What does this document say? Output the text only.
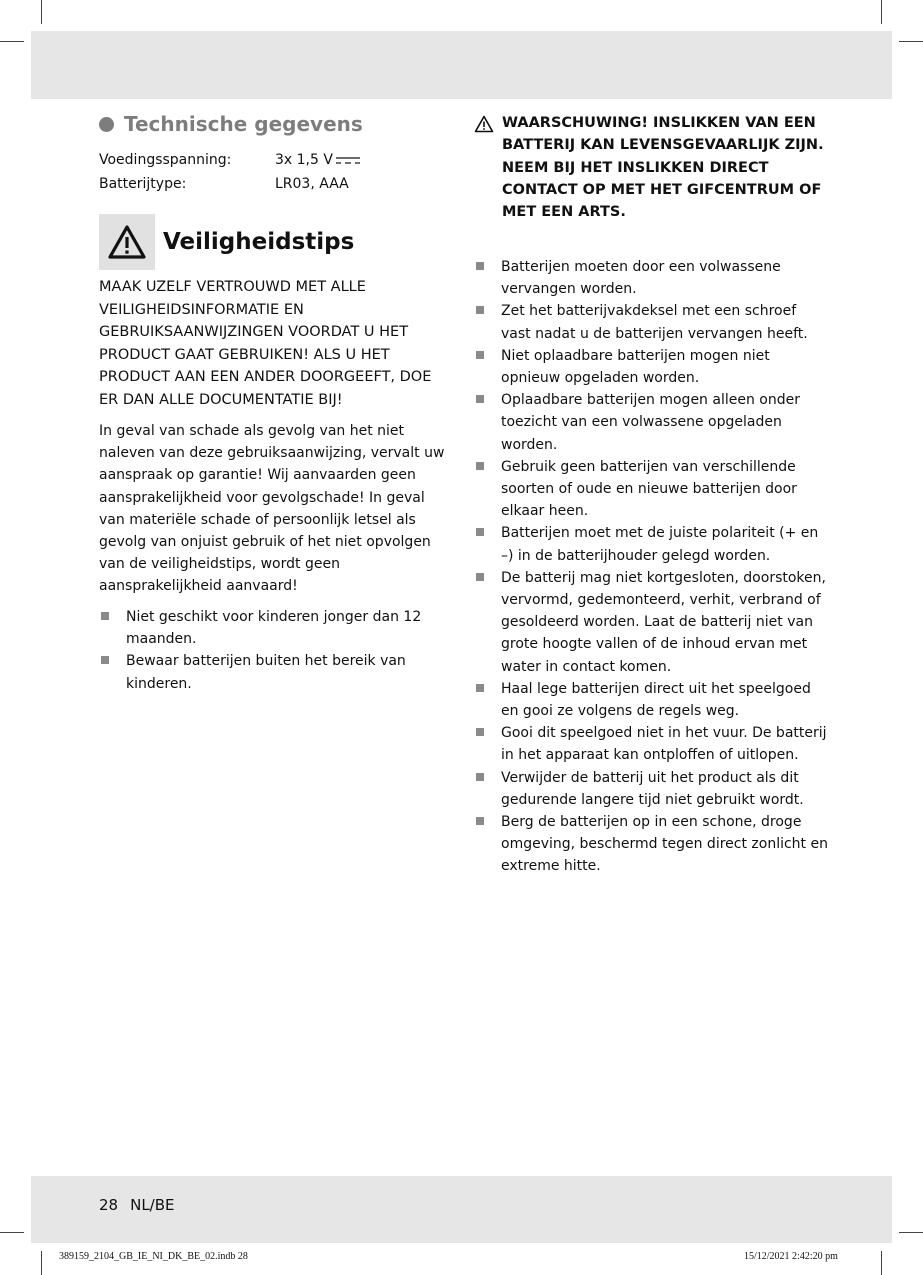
Technische gegevens
Voedingsspanning:	3x 1,5 V
Batterijtype:	LR03, AAA
Veiligheidstips
MAAK UZELF VERTROUWD MET ALLE VEILIGHEIDSINFORMATIE EN GEBRUIKSAANWIJZINGEN VOORDAT U HET PRODUCT GAAT GEBRUIKEN! ALS U HET PRODUCT AAN EEN ANDER DOORGEEFT, DOE ER DAN ALLE DOCUMENTATIE BIJ!
In geval van schade als gevolg van het niet naleven van deze gebruiksaanwijzing, vervalt uw aanspraak op garantie! Wij aanvaarden geen aansprakelijkheid voor gevolgschade! In geval van materiële schade of persoonlijk letsel als gevolg van onjuist gebruik of het niet opvolgen van de veiligheidstips, wordt geen aansprakelijkheid aanvaard!
Niet geschikt voor kinderen jonger dan 12 maanden.
Bewaar batterijen buiten het bereik van kinderen.
WAARSCHUWING! INSLIKKEN VAN EEN BATTERIJ KAN LEVENSGEVAARLIJK ZIJN. NEEM BIJ HET INSLIKKEN DIRECT CONTACT OP MET HET GIFCENTRUM OF MET EEN ARTS.
Batterijen moeten door een volwassene vervangen worden.
Zet het batterijvakdeksel met een schroef vast nadat u de batterijen vervangen heeft.
Niet oplaadbare batterijen mogen niet opnieuw opgeladen worden.
Oplaadbare batterijen mogen alleen onder toezicht van een volwassene opgeladen worden.
Gebruik geen batterijen van verschillende soorten of oude en nieuwe batterijen door elkaar heen.
Batterijen moet met de juiste polariteit (+ en –) in de batterijhouder gelegd worden.
De batterij mag niet kortgesloten, doorstoken, vervormd, gedemonteerd, verhit, verbrand of gesoldeerd worden. Laat de batterij niet van grote hoogte vallen of de inhoud ervan met water in contact komen.
Haal lege batterijen direct uit het speelgoed en gooi ze volgens de regels weg.
Gooi dit speelgoed niet in het vuur. De batterij in het apparaat kan ontploffen of uitlopen.
Verwijder de batterij uit het product als dit gedurende langere tijd niet gebruikt wordt.
Berg de batterijen op in een schone, droge omgeving, beschermd tegen direct zonlicht en extreme hitte.
28 NL/BE
389159_2104_GB_IE_NI_DK_BE_02.indb 28	15/12/2021 2:42:20 pm
